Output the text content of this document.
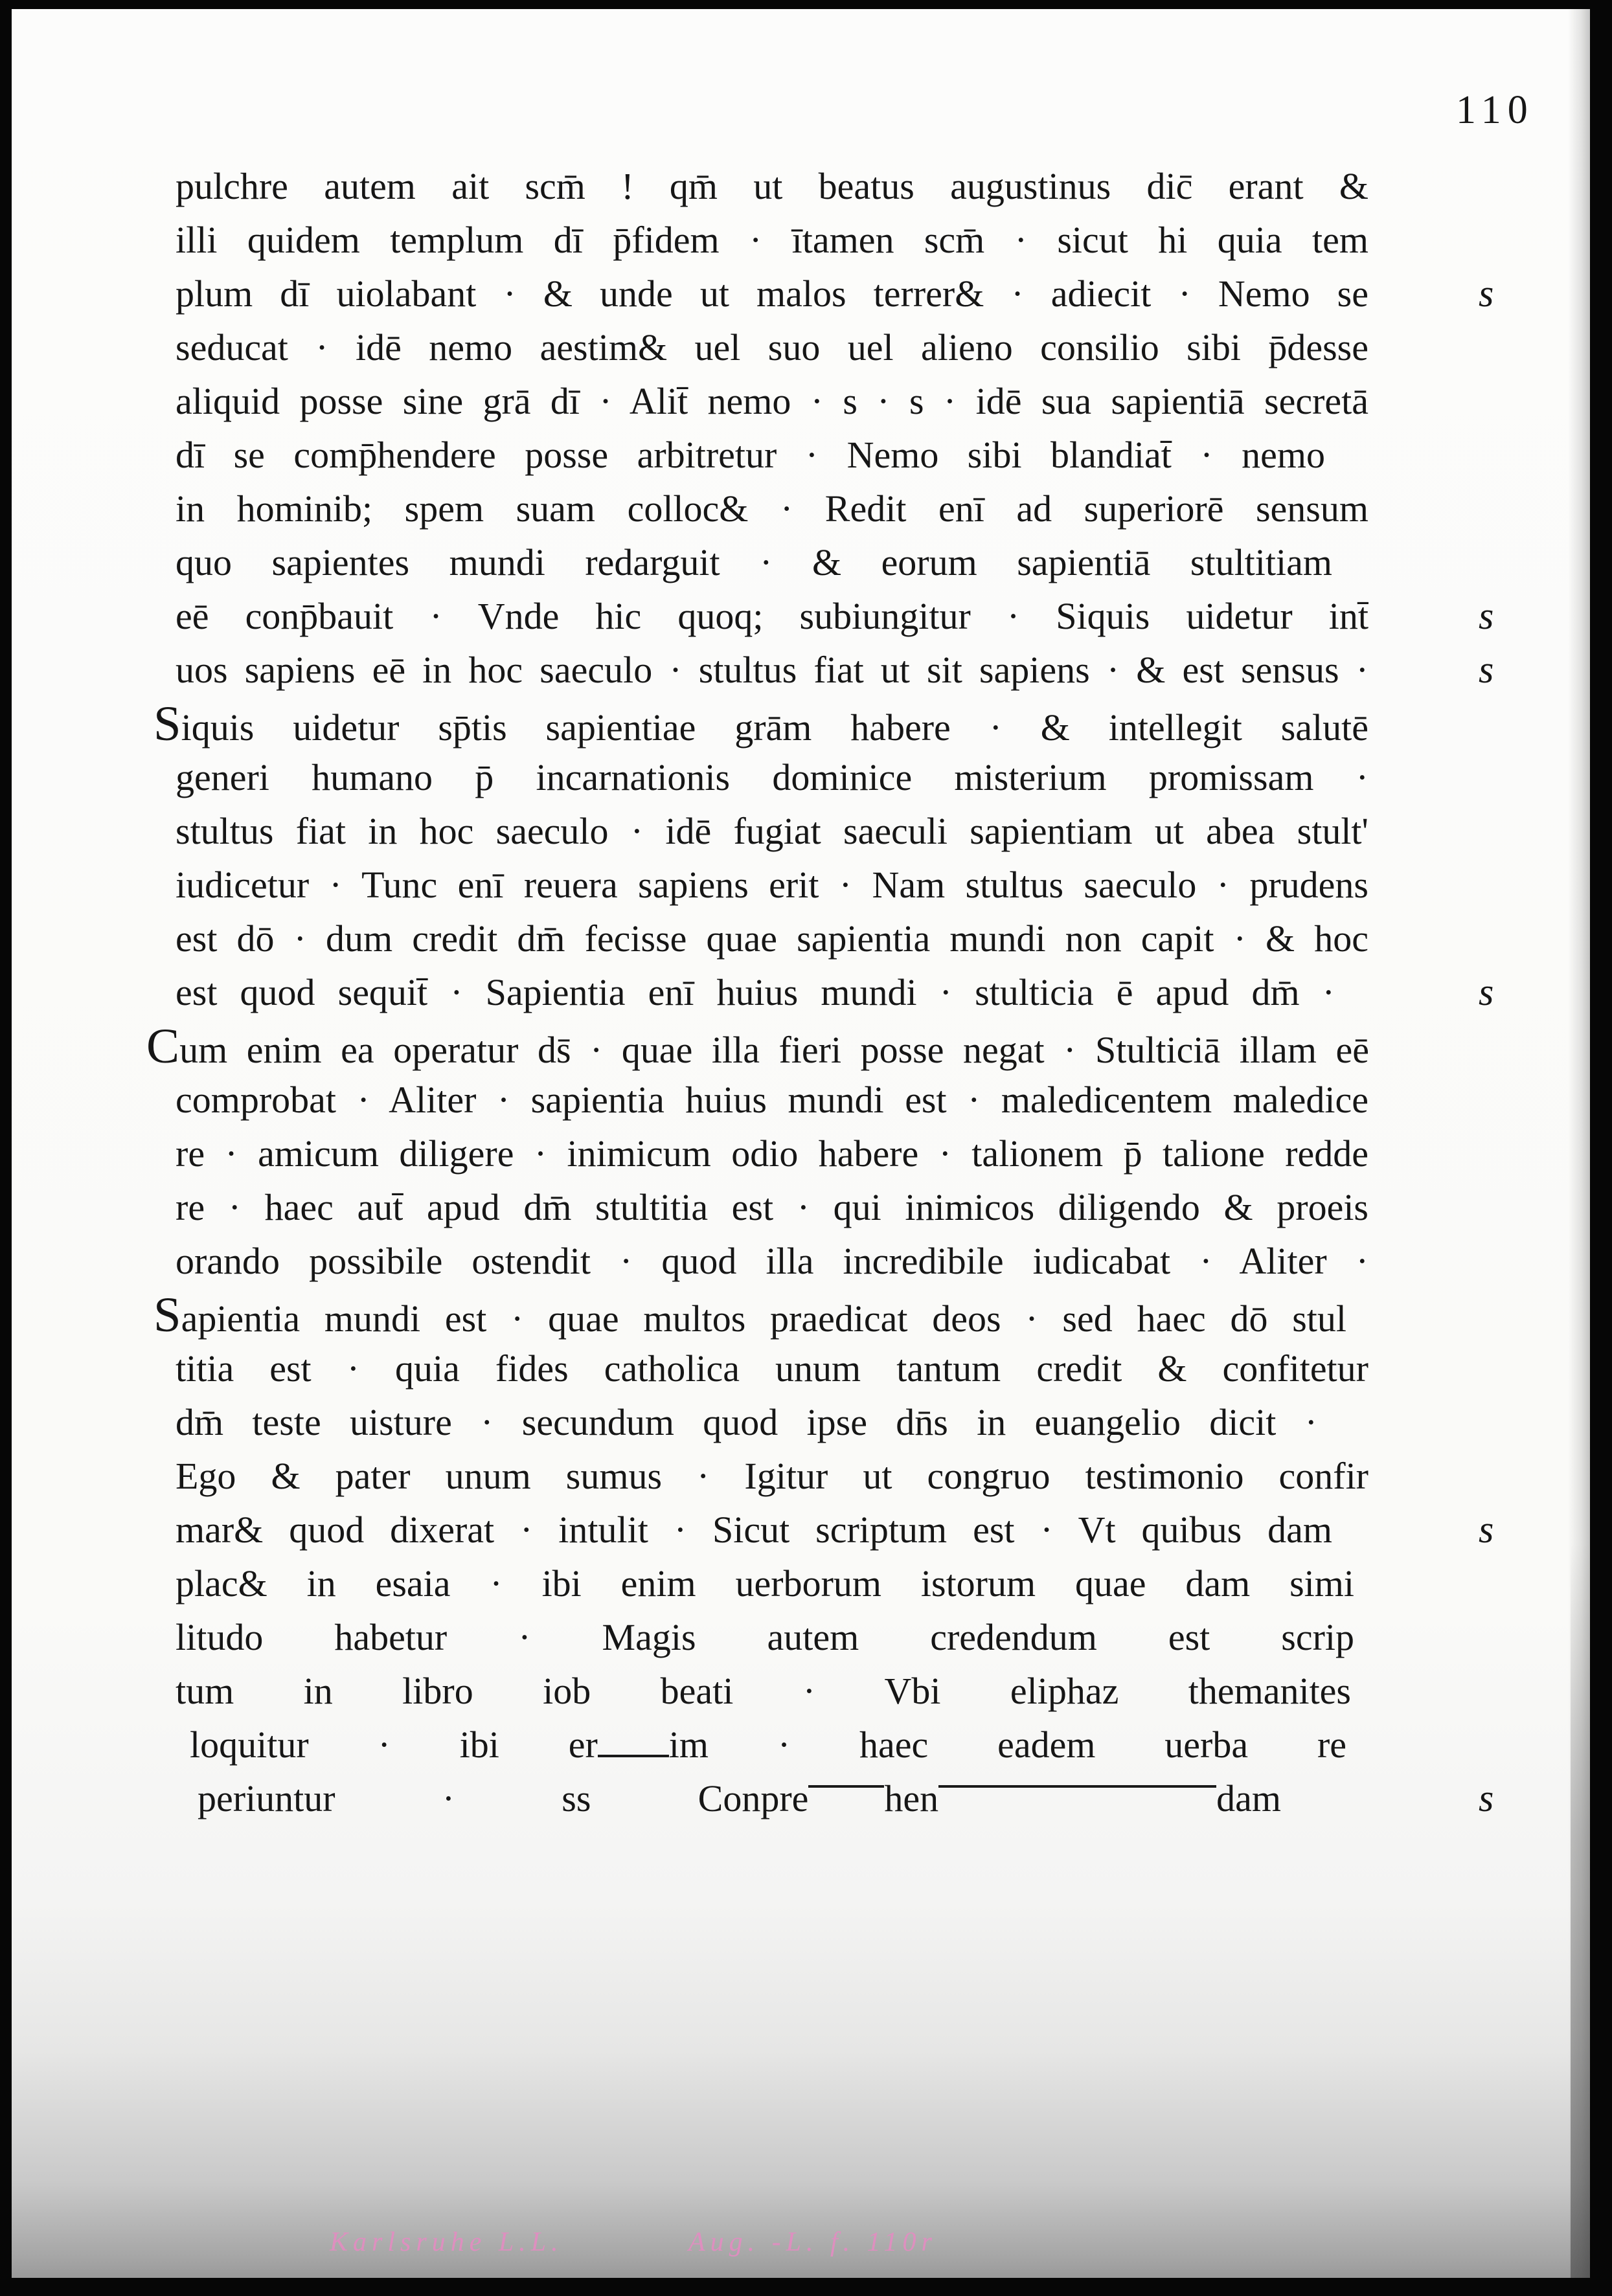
110
pulchre autem ait scm̄ ! qm̄ ut beatus augustinus dic̄ erant &
illi quidem templum dī p̄fidem · ītamen scm̄ · sicut hi quia tem
plum dī uiolabant · & unde ut malos terrer& · adiecit · Nemo se
seducat · idē nemo aestim& uel suo uel alieno consilio sibi p̄desse
aliquid posse sine grā dī · Alit̄ nemo · s · s · idē sua sapientiā secretā
dī se comp̄hendere posse arbitretur · Nemo sibi blandiat̄ · nemo
in hominib; spem suam colloc& · Redit enī ad superiorē sensum
quo sapientes mundi redarguit · & eorum sapientiā stultitiam
eē conp̄bauit · Vnde hic quoq; subiungitur · Siquis uidetur int̄
uos sapiens eē in hoc saeculo · stultus fiat ut sit sapiens · & est sensus ·
Siquis uidetur sp̄tis sapientiae grām habere · & intellegit salutē
generi humano p̄ incarnationis dominice misterium promissam ·
stultus fiat in hoc saeculo · idē fugiat saeculi sapientiam ut abea stult'
iudicetur · Tunc enī reuera sapiens erit · Nam stultus saeculo · prudens
est dō · dum credit dm̄ fecisse quae sapientia mundi non capit · & hoc
est quod sequit̄ · Sapientia enī huius mundi · stulticia ē apud dm̄ ·
Cum enim ea operatur ds̄ · quae illa fieri posse negat · Stulticiā illam eē
comprobat · Aliter · sapientia huius mundi est · maledicentem maledice
re · amicum diligere · inimicum odio habere · talionem p̄ talione redde
re · haec aut̄ apud dm̄ stultitia est · qui inimicos diligendo & proeis
orando possibile ostendit · quod illa incredibile iudicabat · Aliter ·
Sapientia mundi est · quae multos praedicat deos · sed haec dō stul
titia est · quia fides catholica unum tantum credit & confitetur
dm̄ teste uisture · secundum quod ipse dn̄s in euangelio dicit ·
Ego & pater unum sumus · Igitur ut congruo testimonio confir
mar& quod dixerat · intulit · Sicut scriptum est · Vt quibus dam
plac& in esaia · ibi enim uerborum istorum quae dam simi
litudo habetur · Magis autem credendum est scrip
tum in libro iob beati · Vbi eliphaz themanites
loquitur · ibi er im · haec eadem uerba re
periuntur ·	ss	Conpre hen	dam
s
s
s
s
s
s
Karlsruhe L.L.	Aug. -L. f. 110r
